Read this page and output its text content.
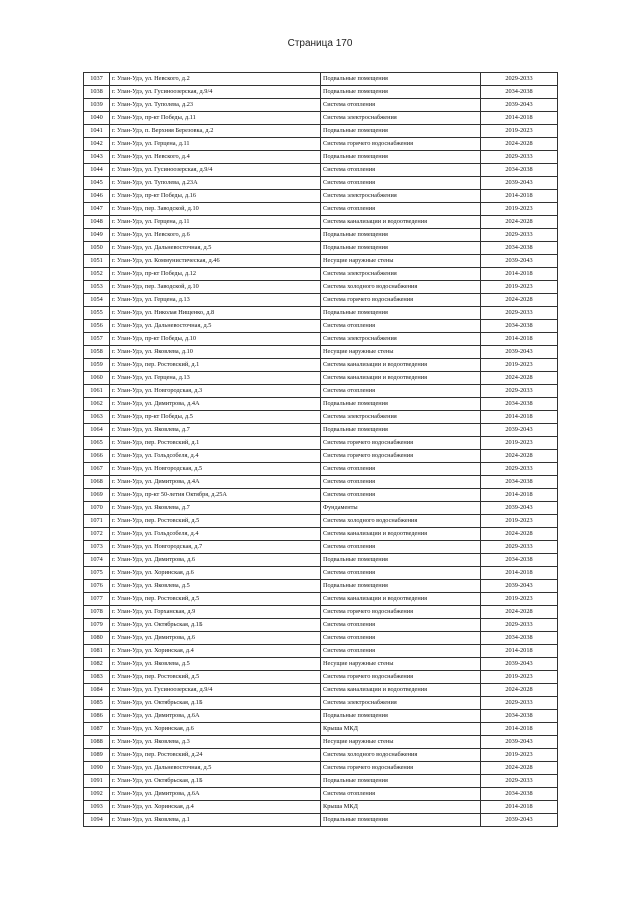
Страница 170
1037	г. Улан-Удэ, ул. Невского, д.2	Подвальные помещения	2029-2033
1038	г. Улан-Удэ, ул. Гусиноозерская, д.9/4	Подвальные помещения	2034-2038
1039	г. Улан-Удэ, ул. Туполева, д.23	Система отопления	2039-2043
1040	г. Улан-Удэ, пр-кт Победы, д.11	Система электроснабжения	2014-2018
1041	г. Улан-Удэ, п. Верхняя Березовка, д.2	Подвальные помещения	2019-2023
1042	г. Улан-Удэ, ул. Герцена, д.11	Система горячего водоснабжения	2024-2028
1043	г. Улан-Удэ, ул. Невского, д.4	Подвальные помещения	2029-2033
1044	г. Улан-Удэ, ул. Гусиноозерская, д.9/4	Система отопления	2034-2038
1045	г. Улан-Удэ, ул. Туполева, д.23А	Система отопления	2039-2043
1046	г. Улан-Удэ, пр-кт Победы, д.16	Система электроснабжения	2014-2018
1047	г. Улан-Удэ, пер. Заводской, д.10	Система отопления	2019-2023
1048	г. Улан-Удэ, ул. Герцена, д.11	Система канализации и водоотведения	2024-2028
1049	г. Улан-Удэ, ул. Невского, д.6	Подвальные помещения	2029-2033
1050	г. Улан-Удэ, ул. Дальневосточная, д.5	Подвальные помещения	2034-2038
1051	г. Улан-Удэ, ул. Коммунистическая, д.46	Несущие наружные стены	2039-2043
1052	г. Улан-Удэ, пр-кт Победы, д.12	Система электроснабжения	2014-2018
1053	г. Улан-Удэ, пер. Заводской, д.10	Система холодного водоснабжения	2019-2023
1054	г. Улан-Удэ, ул. Герцена, д.13	Система горячего водоснабжения	2024-2028
1055	г. Улан-Удэ, ул. Николая Нищенко, д.8	Подвальные помещения	2029-2033
1056	г. Улан-Удэ, ул. Дальневосточная, д.5	Система отопления	2034-2038
1057	г. Улан-Удэ, пр-кт Победы, д.10	Система электроснабжения	2014-2018
1058	г. Улан-Удэ, ул. Яковлева, д.10	Несущие наружные стены	2039-2043
1059	г. Улан-Удэ, пер. Ростовский, д.1	Система канализации и водоотведения	2019-2023
1060	г. Улан-Удэ, ул. Герцена, д.13	Система канализации и водоотведения	2024-2028
1061	г. Улан-Удэ, ул. Новгородская, д.3	Система отопления	2029-2033
1062	г. Улан-Удэ, ул. Димитрова, д.4А	Подвальные помещения	2034-2038
1063	г. Улан-Удэ, пр-кт Победы, д.5	Система электроснабжения	2014-2018
1064	г. Улан-Удэ, ул. Яковлева, д.7	Подвальные помещения	2039-2043
1065	г. Улан-Удэ, пер. Ростовский, д.1	Система горячего водоснабжения	2019-2023
1066	г. Улан-Удэ, ул. Гольдсобеля, д.4	Система горячего водоснабжения	2024-2028
1067	г. Улан-Удэ, ул. Новгородская, д.5	Система отопления	2029-2033
1068	г. Улан-Удэ, ул. Димитрова, д.4А	Система отопления	2034-2038
1069	г. Улан-Удэ, пр-кт 50-летия Октября, д.25А	Система отопления	2014-2018
1070	г. Улан-Удэ, ул. Яковлева, д.7	Фундаменты	2039-2043
1071	г. Улан-Удэ, пер. Ростовский, д.5	Система холодного водоснабжения	2019-2023
1072	г. Улан-Удэ, ул. Гольдсобеля, д.4	Система канализации и водоотведения	2024-2028
1073	г. Улан-Удэ, ул. Новгородская, д.7	Система отопления	2029-2033
1074	г. Улан-Удэ, ул. Димитрова, д.6	Подвальные помещения	2034-2038
1075	г. Улан-Удэ, ул. Хоринская, д.6	Система отопления	2014-2018
1076	г. Улан-Удэ, ул. Яковлева, д.5	Подвальные помещения	2039-2043
1077	г. Улан-Удэ, пер. Ростовский, д.5	Система канализации и водоотведения	2019-2023
1078	г. Улан-Удэ, ул. Горханская, д.9	Система горячего водоснабжения	2024-2028
1079	г. Улан-Удэ, ул. Октябрьская, д.1Б	Система отопления	2029-2033
1080	г. Улан-Удэ, ул. Димитрова, д.6	Система отопления	2034-2038
1081	г. Улан-Удэ, ул. Хоринская, д.4	Система отопления	2014-2018
1082	г. Улан-Удэ, ул. Яковлева, д.5	Несущие наружные стены	2039-2043
1083	г. Улан-Удэ, пер. Ростовский, д.5	Система горячего водоснабжения	2019-2023
1084	г. Улан-Удэ, ул. Гусиноозерская, д.9/4	Система канализации и водоотведения	2024-2028
1085	г. Улан-Удэ, ул. Октябрьская, д.1Б	Система электроснабжения	2029-2033
1086	г. Улан-Удэ, ул. Димитрова, д.6А	Подвальные помещения	2034-2038
1087	г. Улан-Удэ, ул. Хоринская, д.6	Крыша МКД	2014-2018
1088	г. Улан-Удэ, ул. Яковлева, д.3	Несущие наружные стены	2039-2043
1089	г. Улан-Удэ, пер. Ростовский, д.24	Система холодного водоснабжения	2019-2023
1090	г. Улан-Удэ, ул. Дальневосточная, д.5	Система горячего водоснабжения	2024-2028
1091	г. Улан-Удэ, ул. Октябрьская, д.1Б	Подвальные помещения	2029-2033
1092	г. Улан-Удэ, ул. Димитрова, д.6А	Система отопления	2034-2038
1093	г. Улан-Удэ, ул. Хоринская, д.4	Крыша МКД	2014-2018
1094	г. Улан-Удэ, ул. Яковлева, д.1	Подвальные помещения	2039-2043
